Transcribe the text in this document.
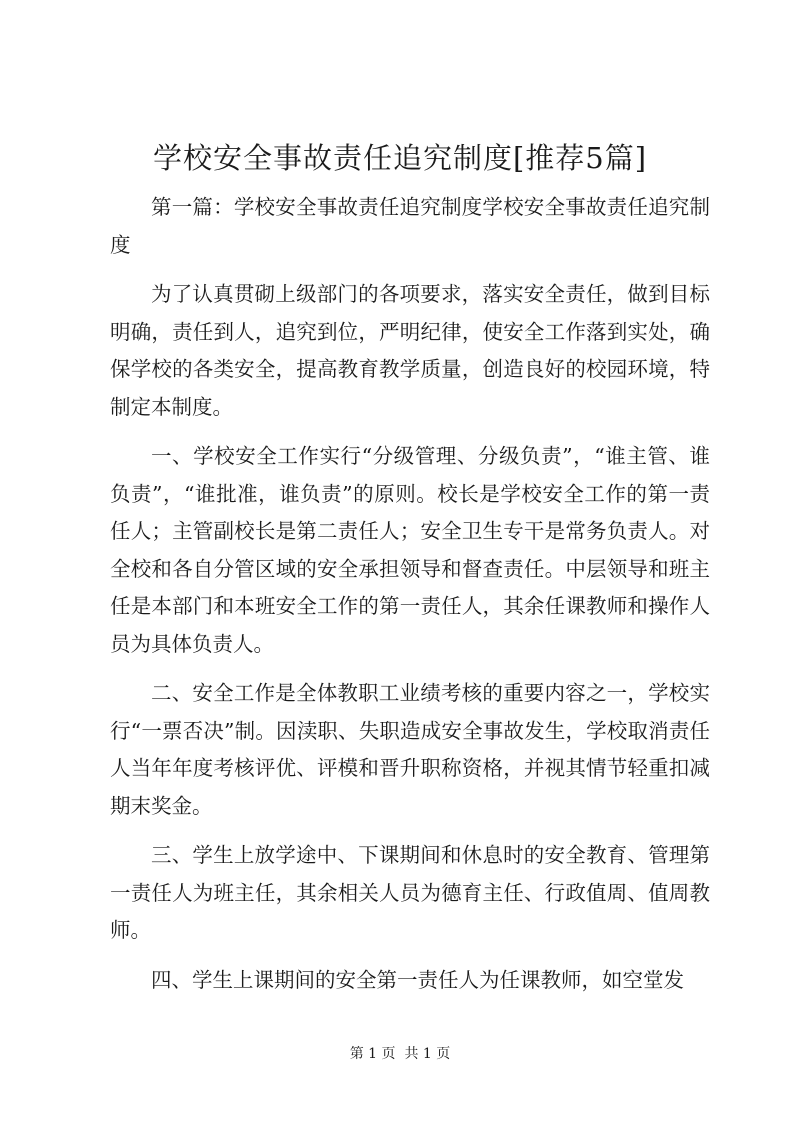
学校安全事故责任追究制度[推荐5篇]

第一篇：学校安全事故责任追究制度学校安全事故责任追究制度

为了认真贯砌上级部门的各项要求，落实安全责任，做到目标明确，责任到人，追究到位，严明纪律，使安全工作落到实处，确保学校的各类安全，提高教育教学质量，创造良好的校园环境，特制定本制度。

一、学校安全工作实行“分级管理、分级负责”，“谁主管、谁负责”，“谁批准，谁负责”的原则。校长是学校安全工作的第一责任人；主管副校长是第二责任人；安全卫生专干是常务负责人。对全校和各自分管区域的安全承担领导和督查责任。中层领导和班主任是本部门和本班安全工作的第一责任人，其余任课教师和操作人员为具体负责人。

二、安全工作是全体教职工业绩考核的重要内容之一，学校实行“一票否决”制。因渎职、失职造成安全事故发生，学校取消责任人当年年度考核评优、评模和晋升职称资格，并视其情节轻重扣减期末奖金。

三、学生上放学途中、下课期间和休息时的安全教育、管理第一责任人为班主任，其余相关人员为德育主任、行政值周、值周教师。

四、学生上课期间的安全第一责任人为任课教师，如空堂发

第 1 页  共 1 页
